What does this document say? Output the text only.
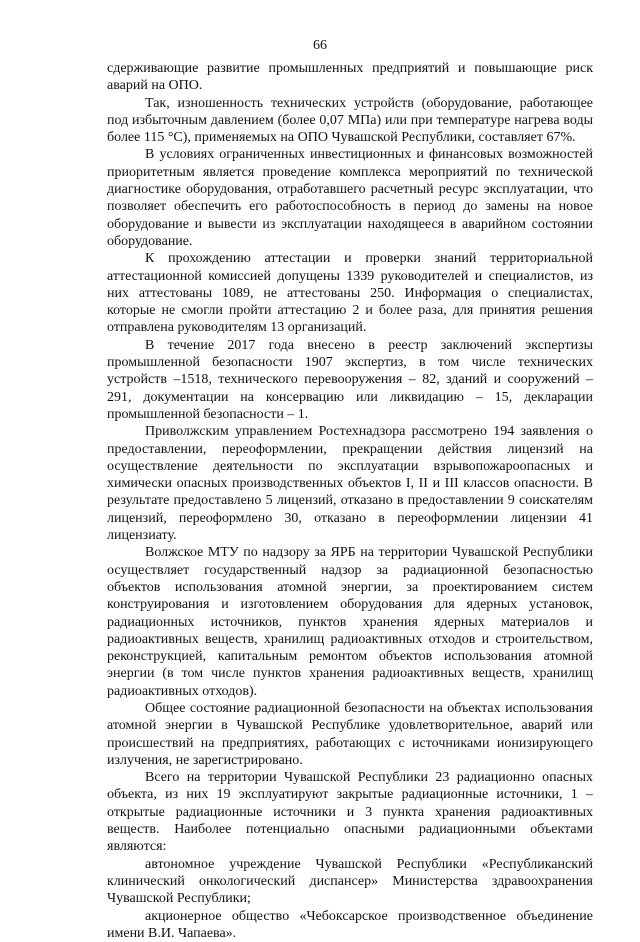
66

сдерживающие развитие промышленных предприятий и повышающие риск аварий на ОПО.

Так, изношенность технических устройств (оборудование, работающее под избыточным давлением (более 0,07 МПа) или при температуре нагрева воды более 115 °С), применяемых на ОПО Чувашской Республики, составляет 67%.

В условиях ограниченных инвестиционных и финансовых возможностей приоритетным является проведение комплекса мероприятий по технической диагностике оборудования, отработавшего расчетный ресурс эксплуатации, что позволяет обеспечить его работоспособность в период до замены на новое оборудование и вывести из эксплуатации находящееся в аварийном состоянии оборудование.

К прохождению аттестации и проверки знаний территориальной аттестационной комиссией допущены 1339 руководителей и специалистов, из них аттестованы 1089, не аттестованы 250. Информация о специалистах, которые не смогли пройти аттестацию 2 и более раза, для принятия решения отправлена руководителям 13 организаций.

В течение 2017 года внесено в реестр заключений экспертизы промышленной безопасности 1907 экспертиз, в том числе технических устройств –1518, технического перевооружения – 82, зданий и сооружений – 291, документации на консервацию или ликвидацию – 15, декларации промышленной безопасности – 1.

Приволжским управлением Ростехнадзора рассмотрено 194 заявления о предоставлении, переоформлении, прекращении действия лицензий на осуществление деятельности по эксплуатации взрывопожароопасных и химически опасных производственных объектов I, II и III классов опасности. В результате предоставлено 5 лицензий, отказано в предоставлении 9 соискателям лицензий, переоформлено 30, отказано в переоформлении лицензии 41 лицензиату.

Волжское МТУ по надзору за ЯРБ на территории Чувашской Республики осуществляет государственный надзор за радиационной безопасностью объектов использования атомной энергии, за проектированием систем конструирования и изготовлением оборудования для ядерных установок, радиационных источников, пунктов хранения ядерных материалов и радиоактивных веществ, хранилищ радиоактивных отходов и строительством, реконструкцией, капитальным ремонтом объектов использования атомной энергии (в том числе пунктов хранения радиоактивных веществ, хранилищ радиоактивных отходов).

Общее состояние радиационной безопасности на объектах использования атомной энергии в Чувашской Республике удовлетворительное, аварий или происшествий на предприятиях, работающих с источниками ионизирующего излучения, не зарегистрировано.

Всего на территории Чувашской Республики 23 радиационно опасных объекта, из них 19 эксплуатируют закрытые радиационные источники, 1 – открытые радиационные источники и 3 пункта хранения радиоактивных веществ. Наиболее потенциально опасными радиационными объектами являются:

автономное учреждение Чувашской Республики «Республиканский клинический онкологический диспансер» Министерства здравоохранения Чувашской Республики;

акционерное общество «Чебоксарское производственное объединение имени В.И. Чапаева».
